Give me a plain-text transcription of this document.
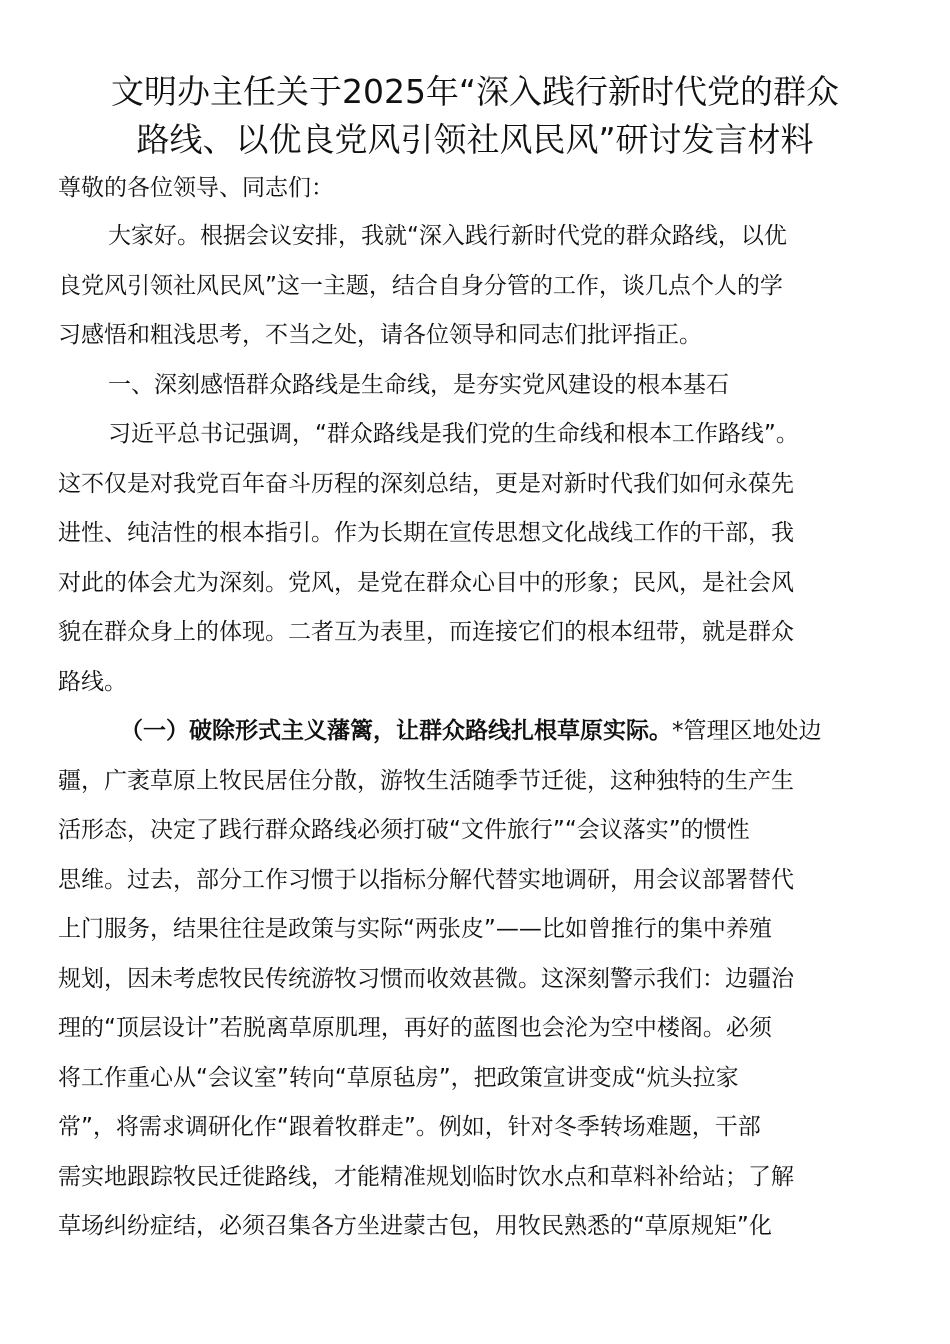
文明办主任关于2025年“深入践行新时代党的群众
路线、以优良党风引领社风民风”研讨发言材料
尊敬的各位领导、同志们：
大家好。根据会议安排，我就“深入践行新时代党的群众路线，以优
良党风引领社风民风”这一主题，结合自身分管的工作，谈几点个人的学
习感悟和粗浅思考，不当之处，请各位领导和同志们批评指正。
一、深刻感悟群众路线是生命线，是夯实党风建设的根本基石
习近平总书记强调，“群众路线是我们党的生命线和根本工作路线”。
这不仅是对我党百年奋斗历程的深刻总结，更是对新时代我们如何永葆先
进性、纯洁性的根本指引。作为长期在宣传思想文化战线工作的干部，我
对此的体会尤为深刻。党风，是党在群众心目中的形象；民风，是社会风
貌在群众身上的体现。二者互为表里，而连接它们的根本纽带，就是群众
路线。
（一）破除形式主义藩篱，让群众路线扎根草原实际。*管理区地处边
疆，广袤草原上牧民居住分散，游牧生活随季节迁徙，这种独特的生产生
活形态，决定了践行群众路线必须打破“文件旅行”“会议落实”的惯性
思维。过去，部分工作习惯于以指标分解代替实地调研，用会议部署替代
上门服务，结果往往是政策与实际“两张皮”——比如曾推行的集中养殖
规划，因未考虑牧民传统游牧习惯而收效甚微。这深刻警示我们：边疆治
理的“顶层设计”若脱离草原肌理，再好的蓝图也会沦为空中楼阁。必须
将工作重心从“会议室”转向“草原毡房”，把政策宣讲变成“炕头拉家
常”，将需求调研化作“跟着牧群走”。例如，针对冬季转场难题，干部
需实地跟踪牧民迁徙路线，才能精准规划临时饮水点和草料补给站；了解
草场纠纷症结，必须召集各方坐进蒙古包，用牧民熟悉的“草原规矩”化
